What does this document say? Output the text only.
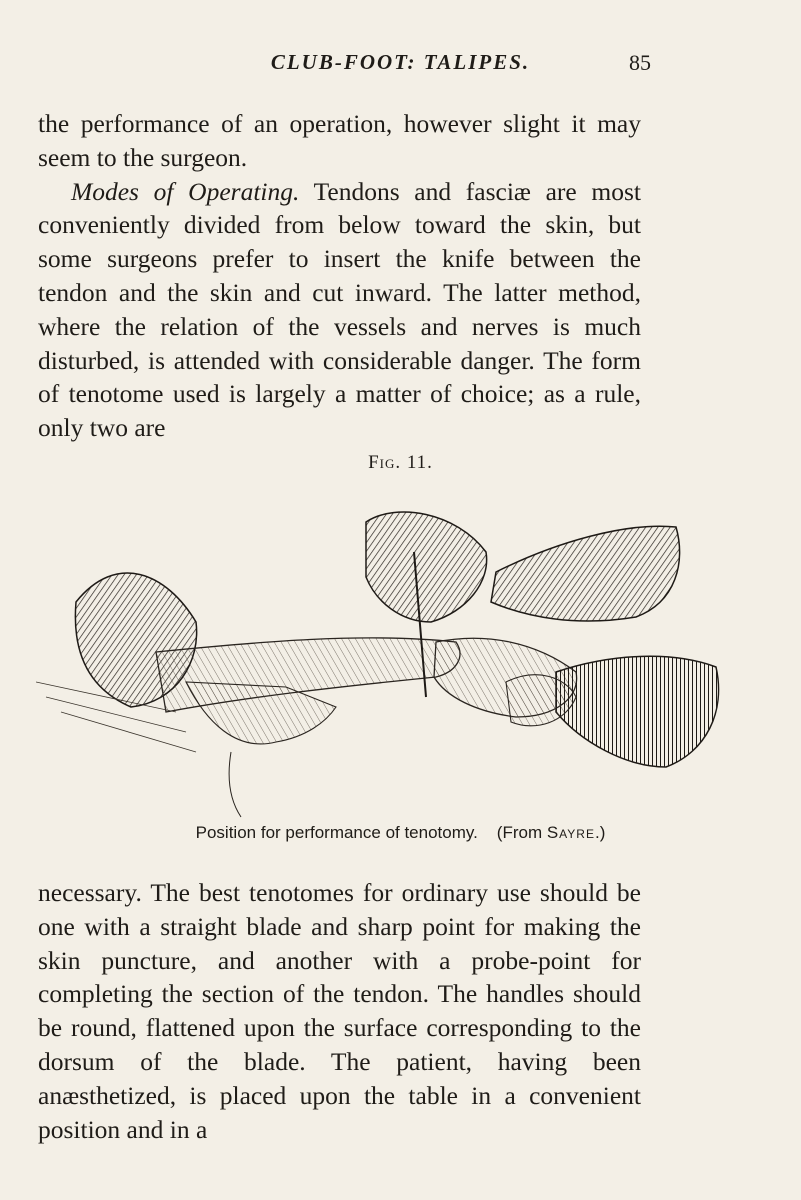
CLUB-FOOT: TALIPES.	85

the performance of an operation, however slight it may seem to the surgeon.

Modes of Operating. Tendons and fasciæ are most conveniently divided from below toward the skin, but some surgeons prefer to insert the knife between the tendon and the skin and cut inward. The latter method, where the relation of the vessels and nerves is much disturbed, is attended with considerable danger. The form of tenotome used is largely a matter of choice; as a rule, only two are

Fig. 11.
Position for performance of tenotomy. (From Sayre.)

necessary. The best tenotomes for ordinary use should be one with a straight blade and sharp point for making the skin puncture, and another with a probe-point for completing the section of the tendon. The handles should be round, flattened upon the surface corresponding to the dorsum of the blade. The patient, having been anæsthetized, is placed upon the table in a convenient position and in a
